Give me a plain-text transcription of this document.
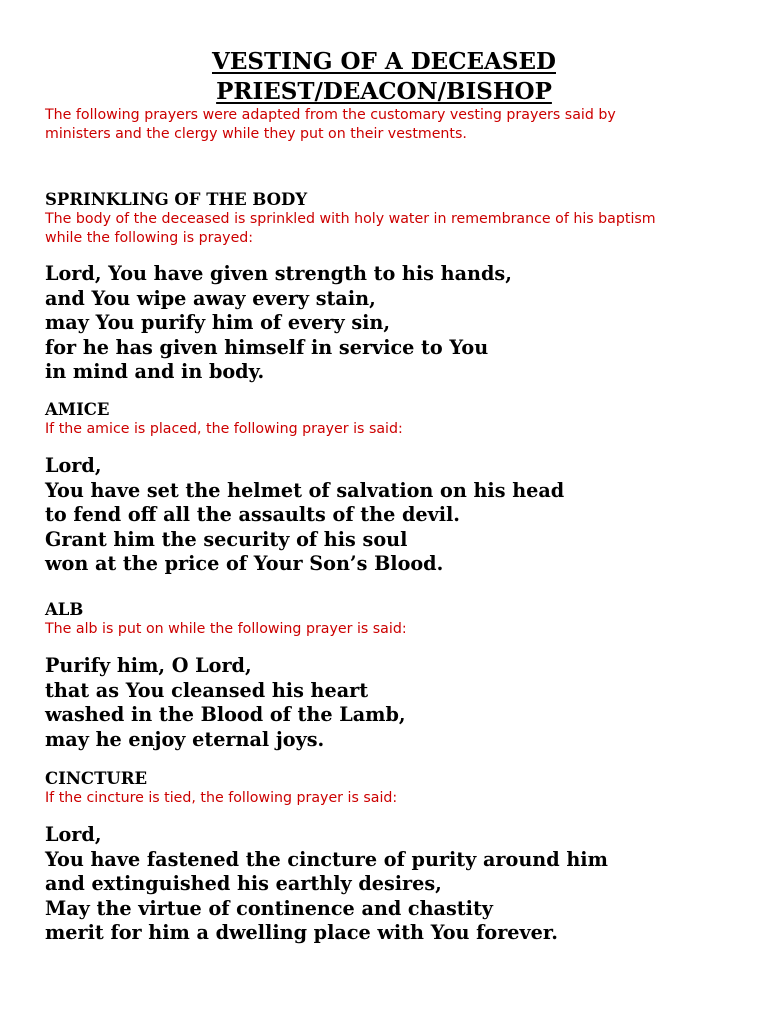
VESTING OF A DECEASED
PRIEST/DEACON/BISHOP

The following prayers were adapted from the customary vesting prayers said by

ministers and the clergy while they put on their vestments.

SPRINKLING OF THE BODY

The body of the deceased is sprinkled with holy water in remembrance of his baptism

while the following is prayed:

Lord, You have given strength to his hands,
and You wipe away every stain,
may You purify him of every sin,
for he has given himself in service to You
in mind and in body.
AMICE

If the amice is placed, the following prayer is said:

Lord,
You have set the helmet of salvation on his head
to fend off all the assaults of the devil.
Grant him the security of his soul
won at the price of Your Son’s Blood.
ALB

The alb is put on while the following prayer is said:

Purify him, O Lord,
that as You cleansed his heart
washed in the Blood of the Lamb,
may he enjoy eternal joys.
CINCTURE

If the cincture is tied, the following prayer is said:

Lord,
You have fastened the cincture of purity around him
and extinguished his earthly desires,
May the virtue of continence and chastity
merit for him a dwelling place with You forever.
